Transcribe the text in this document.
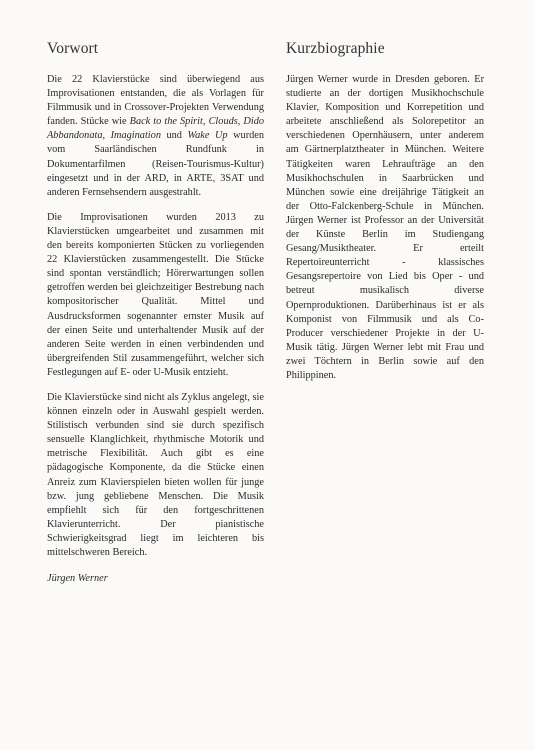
Vorwort

Die 22 Klavierstücke sind überwiegend aus Improvisationen entstanden, die als Vorlagen für Filmmusik und in Crossover-Projekten Verwendung fanden. Stücke wie Back to the Spirit, Clouds, Dido Abbandonata, Imagination und Wake Up wurden vom Saarländischen Rundfunk in Dokumentarfilmen (Reisen-Tourismus-Kultur) eingesetzt und in der ARD, in ARTE, 3SAT und anderen Fernsehsendern ausgestrahlt.

Die Improvisationen wurden 2013 zu Klavierstücken umgearbeitet und zusammen mit den bereits komponierten Stücken zu vorliegenden 22 Klavierstücken zusammengestellt. Die Stücke sind spontan verständlich; Hörerwartungen sollen getroffen werden bei gleichzeitiger Bestrebung nach kompositorischer Qualität. Mittel und Ausdrucksformen sogenannter ernster Musik auf der einen Seite und unterhaltender Musik auf der anderen Seite werden in einen verbindenden und übergreifenden Stil zusammengeführt, welcher sich Festlegungen auf E- oder U-Musik entzieht.

Die Klavierstücke sind nicht als Zyklus angelegt, sie können einzeln oder in Auswahl gespielt werden. Stilistisch verbunden sind sie durch spezifisch sensuelle Klanglichkeit, rhythmische Motorik und metrische Flexibilität. Auch gibt es eine pädagogische Komponente, da die Stücke einen Anreiz zum Klavierspielen bieten wollen für junge bzw. jung gebliebene Menschen. Die Musik empfiehlt sich für den fortgeschrittenen Klavierunterricht. Der pianistische Schwierigkeitsgrad liegt im leichteren bis mittelschweren Bereich.

Jürgen Werner

Kurzbiographie

Jürgen Werner wurde in Dresden geboren. Er studierte an der dortigen Musikhochschule Klavier, Komposition und Korrepetition und arbeitete anschließend als Solorepetitor an verschiedenen Opernhäusern, unter anderem am Gärtnerplatztheater in München. Weitere Tätigkeiten waren Lehraufträge an den Musikhochschulen in Saarbrücken und München sowie eine dreijährige Tätigkeit an der Otto-Falckenberg-Schule in München. Jürgen Werner ist Professor an der Universität der Künste Berlin im Studiengang Gesang/Musiktheater. Er erteilt Repertoireunterricht - klassisches Gesangsrepertoire von Lied bis Oper - und betreut musikalisch diverse Opernproduktionen. Darüberhinaus ist er als Komponist von Filmmusik und als Co-Producer verschiedener Projekte in der U-Musik tätig. Jürgen Werner lebt mit Frau und zwei Töchtern in Berlin sowie auf den Philippinen.
